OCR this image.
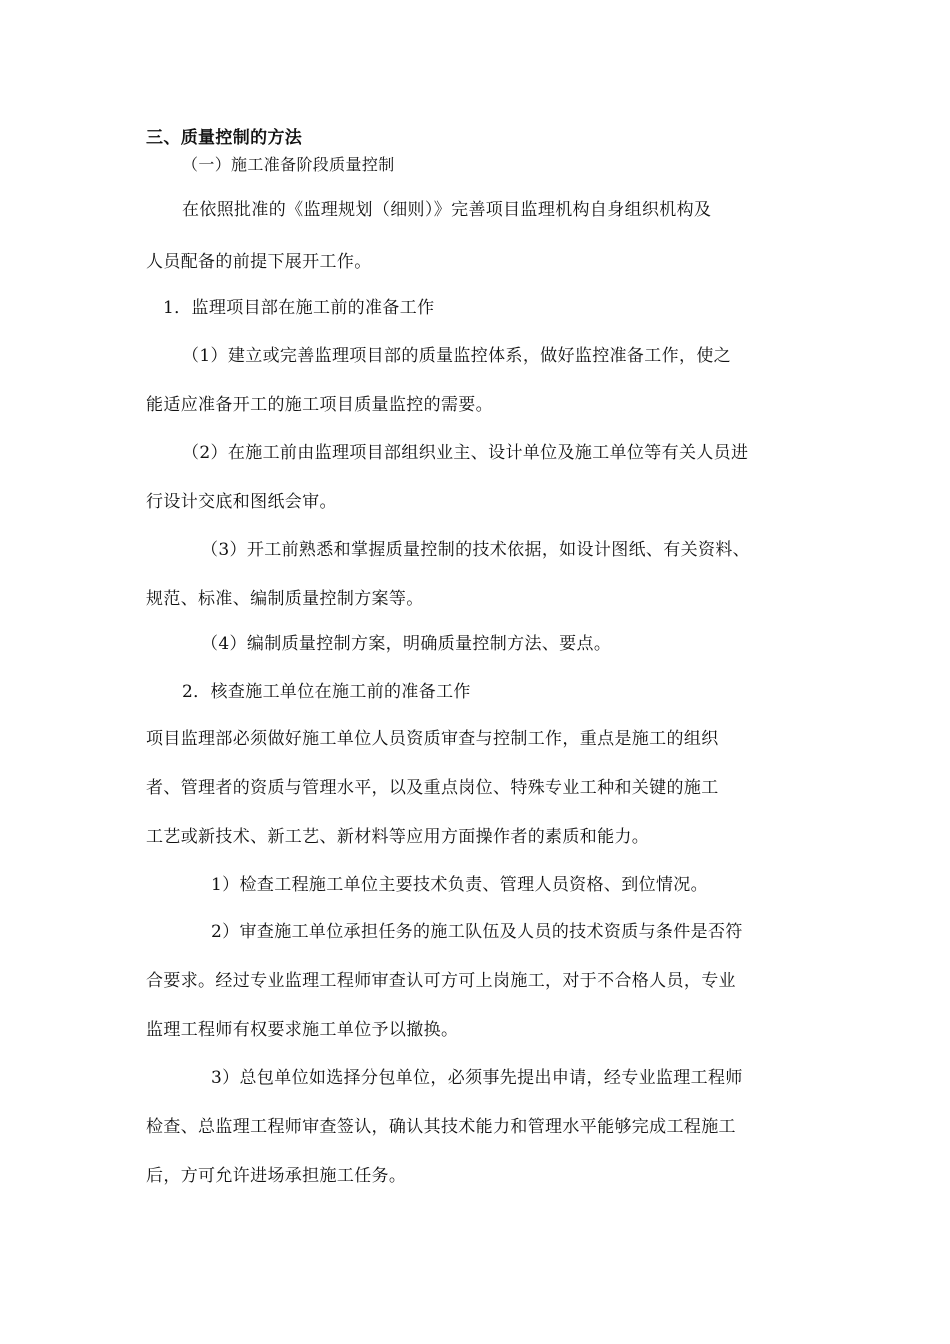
三、质量控制的方法

（一）施工准备阶段质量控制

在依照批准的《监理规划（细则）》完善项目监理机构自身组织机构及

人员配备的前提下展开工作。

1．监理项目部在施工前的准备工作

（1）建立或完善监理项目部的质量监控体系，做好监控准备工作，使之

能适应准备开工的施工项目质量监控的需要。

（2）在施工前由监理项目部组织业主、设计单位及施工单位等有关人员进

行设计交底和图纸会审。

（3）开工前熟悉和掌握质量控制的技术依据，如设计图纸、有关资料、

规范、标准、编制质量控制方案等。

（4）编制质量控制方案，明确质量控制方法、要点。

2．核查施工单位在施工前的准备工作

项目监理部必须做好施工单位人员资质审查与控制工作，重点是施工的组织

者、管理者的资质与管理水平，以及重点岗位、特殊专业工种和关键的施工

工艺或新技术、新工艺、新材料等应用方面操作者的素质和能力。

1）检查工程施工单位主要技术负责、管理人员资格、到位情况。

2）审查施工单位承担任务的施工队伍及人员的技术资质与条件是否符

合要求。经过专业监理工程师审查认可方可上岗施工，对于不合格人员，专业

监理工程师有权要求施工单位予以撤换。

3）总包单位如选择分包单位，必须事先提出申请，经专业监理工程师

检查、总监理工程师审查签认，确认其技术能力和管理水平能够完成工程施工

后，方可允许进场承担施工任务。
